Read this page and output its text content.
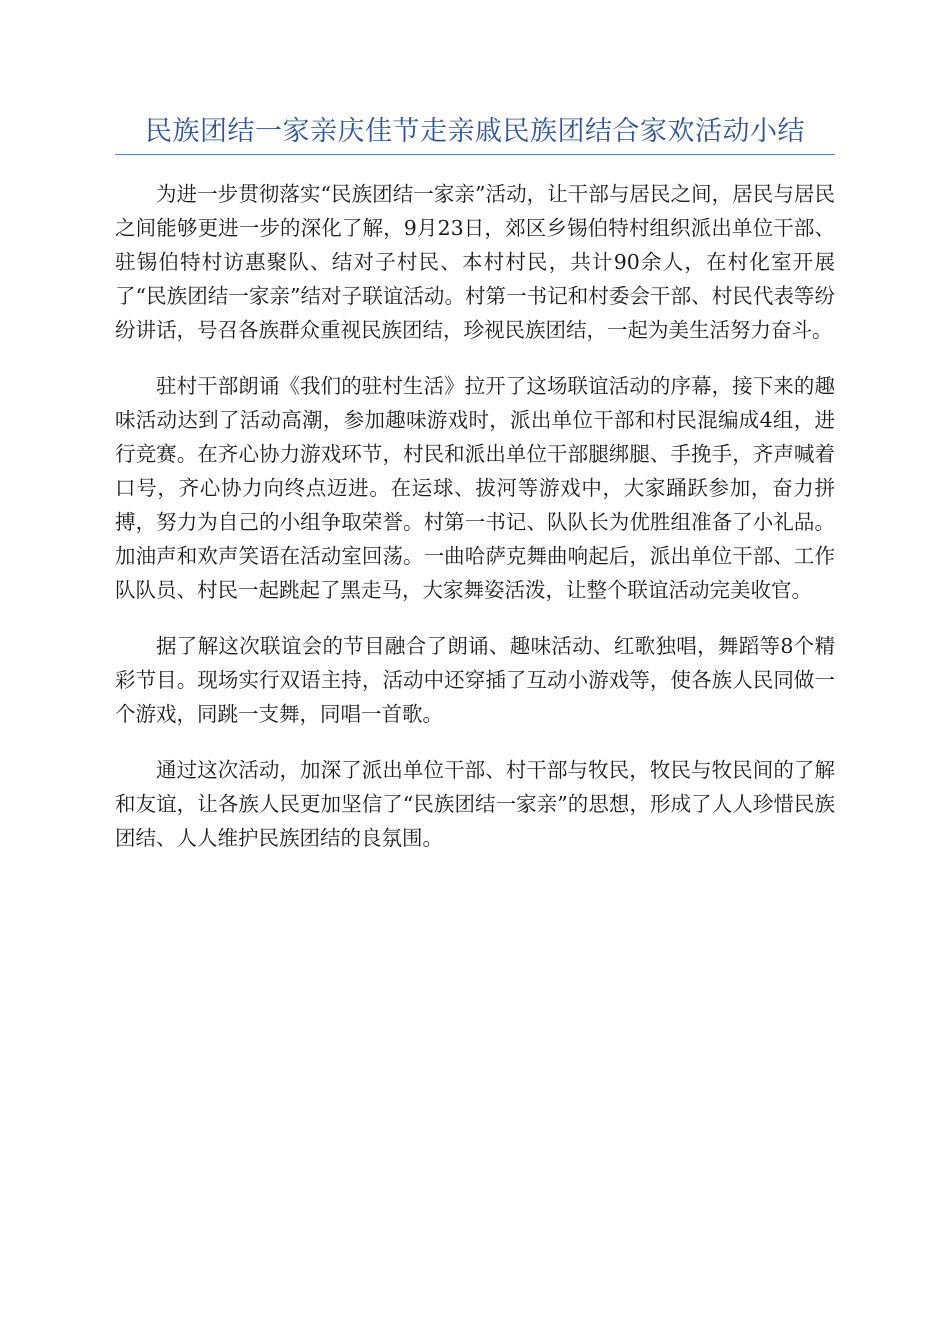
民族团结一家亲庆佳节走亲戚民族团结合家欢活动小结

为进一步贯彻落实“民族团结一家亲”活动，让干部与居民之间，居民与居民之间能够更进一步的深化了解，9月23日，郊区乡锡伯特村组织派出单位干部、驻锡伯特村访惠聚队、结对子村民、本村村民，共计90余人，在村化室开展了“民族团结一家亲”结对子联谊活动。村第一书记和村委会干部、村民代表等纷纷讲话，号召各族群众重视民族团结，珍视民族团结，一起为美生活努力奋斗。

驻村干部朗诵《我们的驻村生活》拉开了这场联谊活动的序幕，接下来的趣味活动达到了活动高潮，参加趣味游戏时，派出单位干部和村民混编成4组，进行竞赛。在齐心协力游戏环节，村民和派出单位干部腿绑腿、手挽手，齐声喊着口号，齐心协力向终点迈进。在运球、拔河等游戏中，大家踊跃参加，奋力拼搏，努力为自己的小组争取荣誉。村第一书记、队队长为优胜组准备了小礼品。加油声和欢声笑语在活动室回荡。一曲哈萨克舞曲响起后，派出单位干部、工作队队员、村民一起跳起了黑走马，大家舞姿活泼，让整个联谊活动完美收官。

据了解这次联谊会的节目融合了朗诵、趣味活动、红歌独唱，舞蹈等8个精彩节目。现场实行双语主持，活动中还穿插了互动小游戏等，使各族人民同做一个游戏，同跳一支舞，同唱一首歌。

通过这次活动，加深了派出单位干部、村干部与牧民，牧民与牧民间的了解和友谊，让各族人民更加坚信了“民族团结一家亲”的思想，形成了人人珍惜民族团结、人人维护民族团结的良氛围。
